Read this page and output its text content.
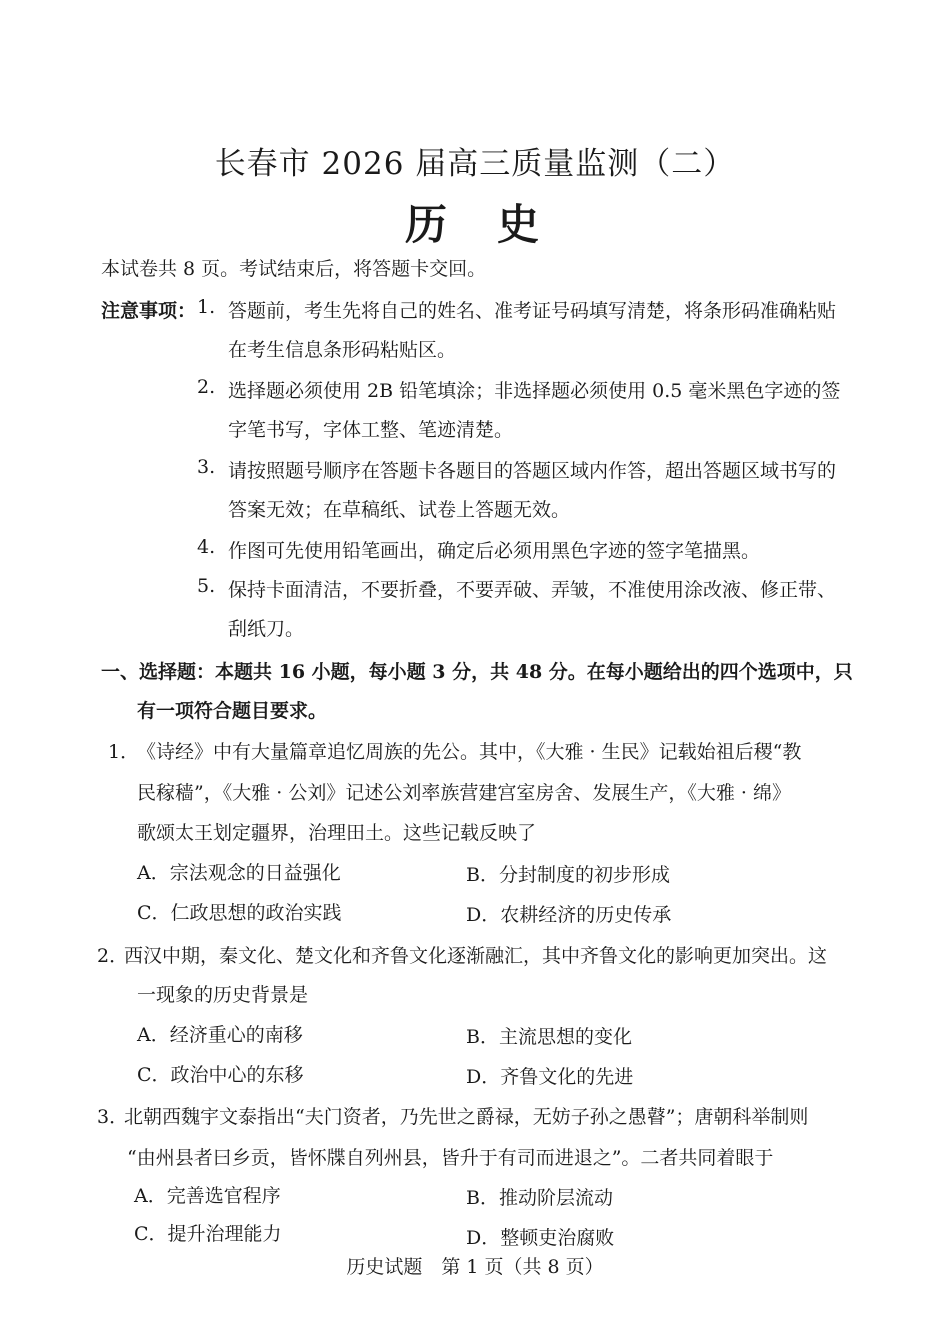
长春市 2026 届高三质量监测（二）
历 史
本试卷共 8 页。考试结束后，将答题卡交回。
注意事项： 1. 答题前，考生先将自己的姓名、准考证号码填写清楚，将条形码准确粘贴
在考生信息条形码粘贴区。
2. 选择题必须使用 2B 铅笔填涂；非选择题必须使用 0.5 毫米黑色字迹的签
字笔书写，字体工整、笔迹清楚。
3. 请按照题号顺序在答题卡各题目的答题区域内作答，超出答题区域书写的
答案无效；在草稿纸、试卷上答题无效。
4. 作图可先使用铅笔画出，确定后必须用黑色字迹的签字笔描黑。
5. 保持卡面清洁，不要折叠，不要弄破、弄皱，不准使用涂改液、修正带、
刮纸刀。
一、选择题：本题共 16 小题，每小题 3 分，共 48 分。在每小题给出的四个选项中，只
有一项符合题目要求。
1．
《诗经》中有大量篇章追忆周族的先公。其中，《大雅 · 生民》记载始祖后稷“教
民稼穑”，《大雅 · 公刘》记述公刘率族营建宫室房舍、发展生产，《大雅 · 绵》
歌颂太王划定疆界，治理田土。这些记载反映了
A．宗法观念的日益强化	B．分封制度的初步形成
C．仁政思想的政治实践	D．农耕经济的历史传承
2．
西汉中期，秦文化、楚文化和齐鲁文化逐渐融汇，其中齐鲁文化的影响更加突出。这
一现象的历史背景是
A．经济重心的南移	B．主流思想的变化
C．政治中心的东移	D．齐鲁文化的先进
3．
北朝西魏宇文泰指出“夫门资者，乃先世之爵禄，无妨子孙之愚瞽”；唐朝科举制则
“由州县者曰乡贡，皆怀牒自列州县，皆升于有司而进退之”。二者共同着眼于
A．完善选官程序	B．推动阶层流动
C．提升治理能力	D．整顿吏治腐败
历史试题　第 1 页（共 8 页）
